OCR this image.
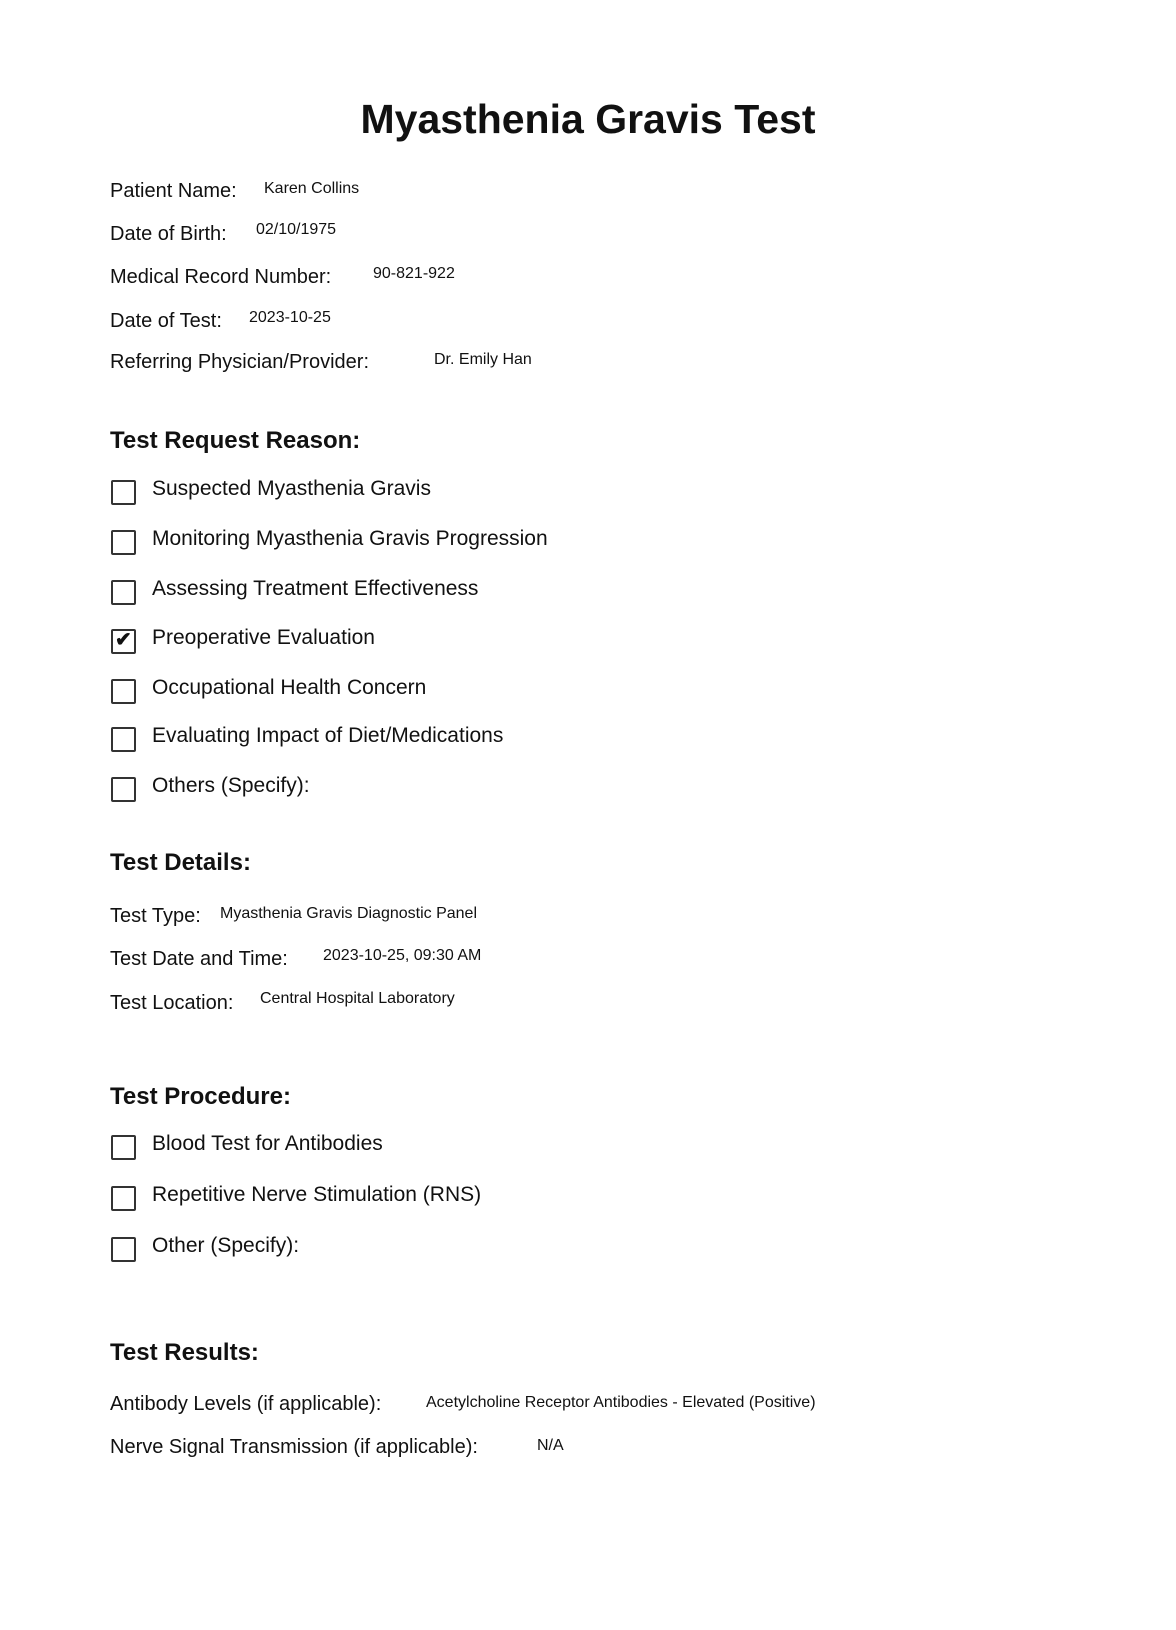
Myasthenia Gravis Test
Patient Name: Karen Collins
Date of Birth: 02/10/1975
Medical Record Number:	90-821-922
Date of Test: 2023-10-25
Referring Physician/Provider:	Dr. Emily Han
Test Request Reason:
Suspected Myasthenia Gravis
Monitoring Myasthenia Gravis Progression
Assessing Treatment Effectiveness
✔ Preoperative Evaluation
Occupational Health Concern
Evaluating Impact of Diet/Medications
Others (Specify):
Test Details:
Test Type: Myasthenia Gravis Diagnostic Panel
Test Date and Time: 2023-10-25, 09:30 AM
Test Location: Central Hospital Laboratory
Test Procedure:
Blood Test for Antibodies
Repetitive Nerve Stimulation (RNS)
Other (Specify):
Test Results:
Antibody Levels (if applicable):	Acetylcholine Receptor Antibodies - Elevated (Positive)
Nerve Signal Transmission (if applicable):	N/A
